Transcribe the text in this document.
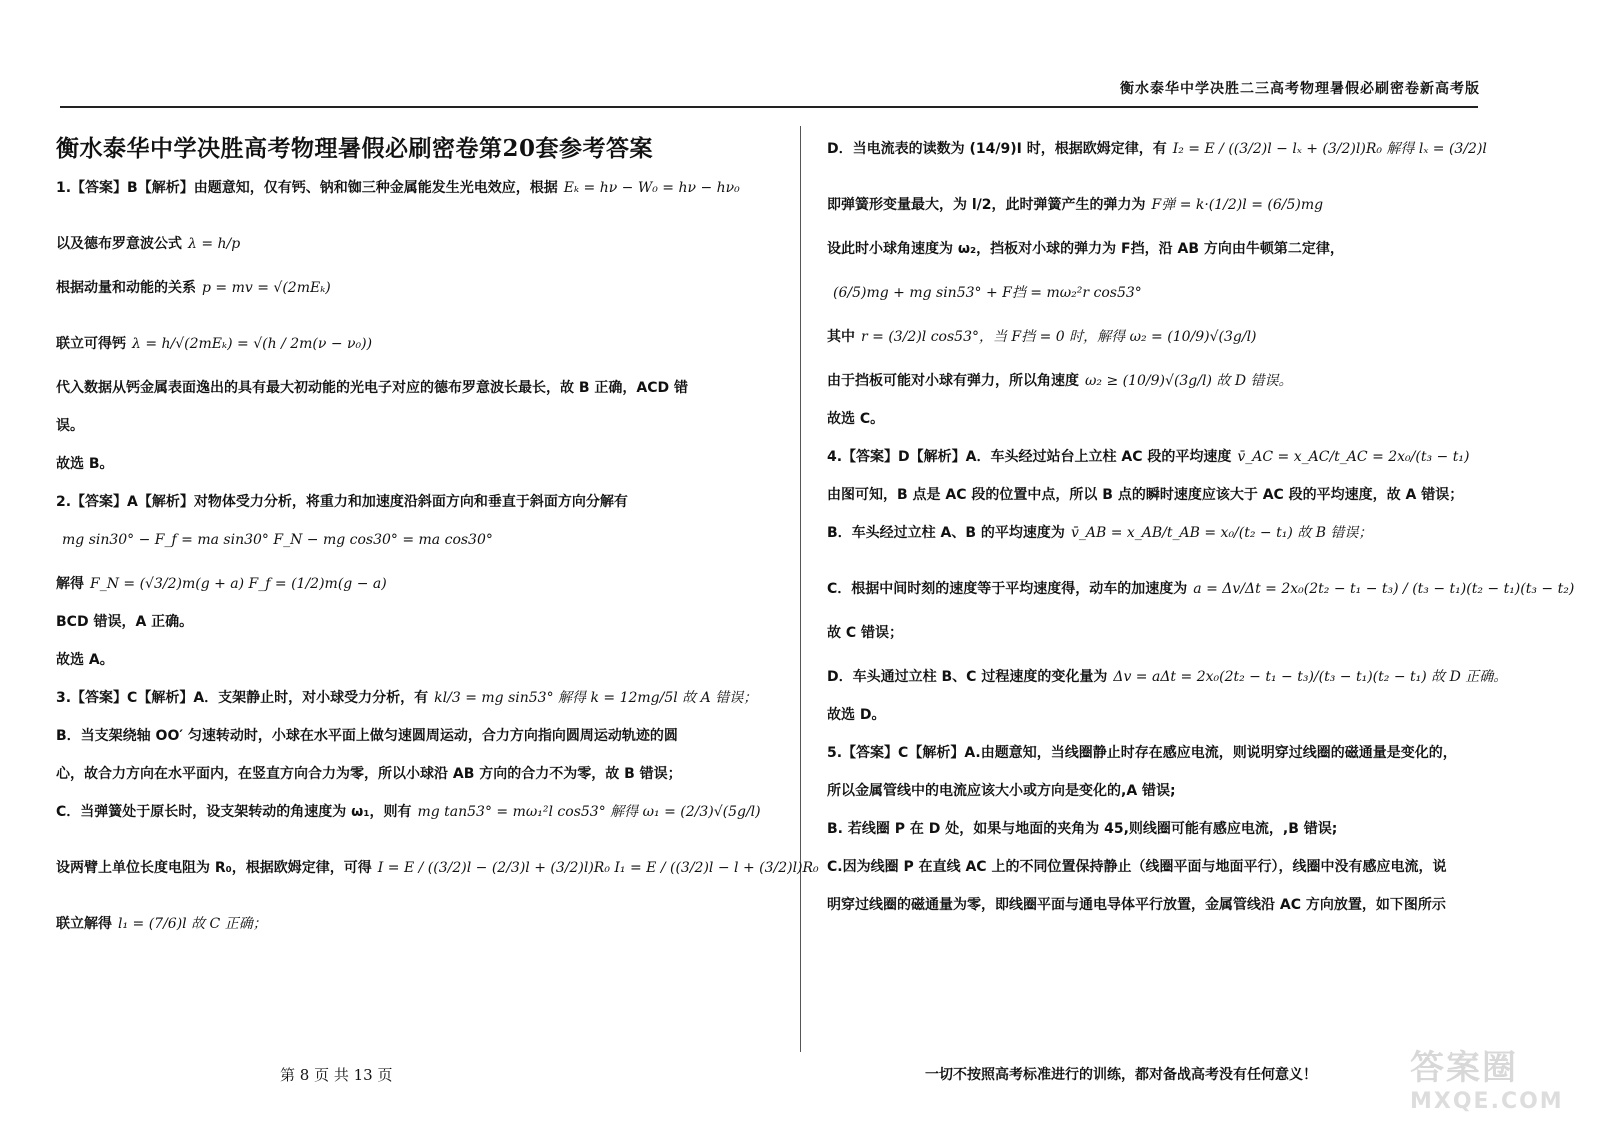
衡水泰华中学决胜二三高考物理暑假必刷密卷新高考版
衡水泰华中学决胜高考物理暑假必刷密卷第20套参考答案
1.【答案】B【解析】由题意知，仅有钙、钠和铷三种金属能发生光电效应，根据 Eₖ = hν − W₀ = hν − hν₀
以及德布罗意波公式 λ = h/p
根据动量和动能的关系 p = mv = √(2mEₖ)
联立可得钙 λ = h/√(2mEₖ) = √(h / 2m(ν − ν₀))
代入数据从钙金属表面逸出的具有最大初动能的光电子对应的德布罗意波长最长，故 B 正确，ACD 错
误。
故选 B。
2.【答案】A【解析】对物体受力分析，将重力和加速度沿斜面方向和垂直于斜面方向分解有
mg sin30° − F_f = ma sin30° F_N − mg cos30° = ma cos30°
解得 F_N = (√3/2)m(g + a) F_f = (1/2)m(g − a)
BCD 错误，A 正确。
故选 A。
3.【答案】C【解析】A．支架静止时，对小球受力分析，有 kl/3 = mg sin53° 解得 k = 12mg/5l 故 A 错误；
B．当支架绕轴 OO′ 匀速转动时，小球在水平面上做匀速圆周运动，合力方向指向圆周运动轨迹的圆
心，故合力方向在水平面内，在竖直方向合力为零，所以小球沿 AB 方向的合力不为零，故 B 错误；
C．当弹簧处于原长时，设支架转动的角速度为 ω₁，则有 mg tan53° = mω₁²l cos53° 解得 ω₁ = (2/3)√(5g/l)
设两臂上单位长度电阻为 R₀，根据欧姆定律，可得 I = E / ((3/2)l − (2/3)l + (3/2)l)R₀ I₁ = E / ((3/2)l − l + (3/2)l)R₀
联立解得 l₁ = (7/6)l 故 C 正确；
D．当电流表的读数为 (14/9)I 时，根据欧姆定律，有 I₂ = E / ((3/2)l − lₓ + (3/2)l)R₀ 解得 lₓ = (3/2)l
即弹簧形变量最大，为 l/2，此时弹簧产生的弹力为 F弹 = k·(1/2)l = (6/5)mg
设此时小球角速度为 ω₂，挡板对小球的弹力为 F挡，沿 AB 方向由牛顿第二定律，
(6/5)mg + mg sin53° + F挡 = mω₂²r cos53°
其中 r = (3/2)l cos53°，当 F挡 = 0 时，解得 ω₂ = (10/9)√(3g/l)
由于挡板可能对小球有弹力，所以角速度 ω₂ ≥ (10/9)√(3g/l) 故 D 错误。
故选 C。
4.【答案】D【解析】A．车头经过站台上立柱 AC 段的平均速度 v̄_AC = x_AC/t_AC = 2x₀/(t₃ − t₁)
由图可知，B 点是 AC 段的位置中点，所以 B 点的瞬时速度应该大于 AC 段的平均速度，故 A 错误；
B．车头经过立柱 A、B 的平均速度为 v̄_AB = x_AB/t_AB = x₀/(t₂ − t₁) 故 B 错误；
C．根据中间时刻的速度等于平均速度得，动车的加速度为 a = Δv/Δt = 2x₀(2t₂ − t₁ − t₃) / (t₃ − t₁)(t₂ − t₁)(t₃ − t₂)
故 C 错误；
D．车头通过立柱 B、C 过程速度的变化量为 Δv = aΔt = 2x₀(2t₂ − t₁ − t₃)/(t₃ − t₁)(t₂ − t₁) 故 D 正确。
故选 D。
5.【答案】C【解析】A.由题意知，当线圈静止时存在感应电流，则说明穿过线圈的磁通量是变化的，
所以金属管线中的电流应该大小或方向是变化的,A 错误;
B. 若线圈 P 在 D 处，如果与地面的夹角为 45,则线圈可能有感应电流，,B 错误;
C.因为线圈 P 在直线 AC 上的不同位置保持静止（线圈平面与地面平行），线圈中没有感应电流，说
明穿过线圈的磁通量为零，即线圈平面与通电导体平行放置，金属管线沿 AC 方向放置，如下图所示
第 8 页 共 13 页	一切不按照高考标准进行的训练，都对备战高考没有任何意义！	答案圈
MXQE.COM
